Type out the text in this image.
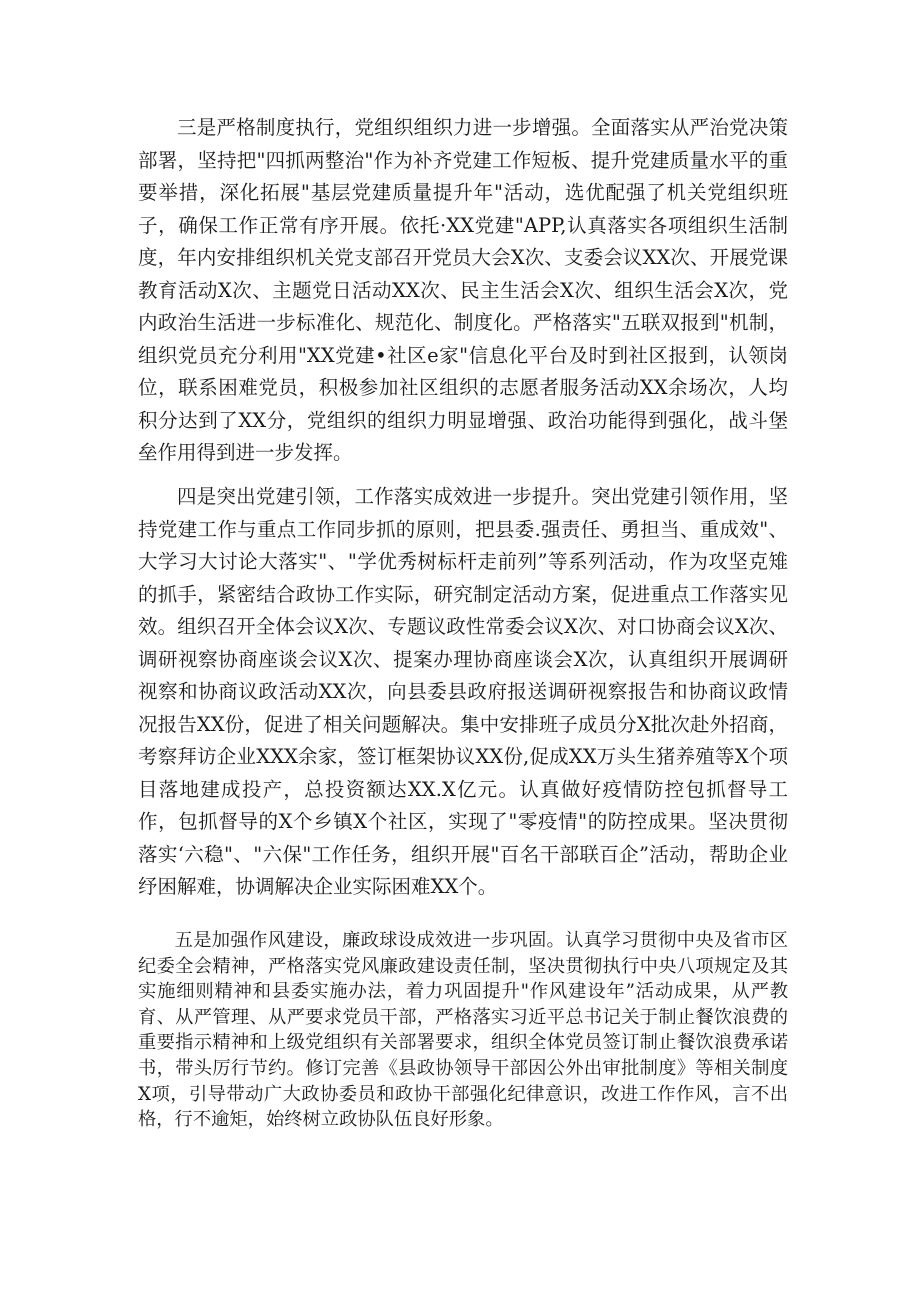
三是严格制度执行，党组织组织力进一步增强。全面落实从严治党决策部署，坚持把"四抓两整治"作为补齐党建工作短板、提升党建质量水平的重要举措，深化拓展"基层党建质量提升年"活动，选优配强了机关党组织班子，确保工作正常有序开展。依托·XX党建"APP,认真落实各项组织生活制度，年内安排组织机关党支部召开党员大会X次、支委会议XX次、开展党课教育活动X次、主题党日活动XX次、民主生活会X次、组织生活会X次，党内政治生活进一步标准化、规范化、制度化。严格落实"五联双报到"机制，组织党员充分利用"XX党建•社区e家"信息化平台及时到社区报到，认领岗位，联系困难党员，积极参加社区组织的志愿者服务活动XX余场次，人均积分达到了XX分，党组织的组织力明显增强、政治功能得到强化，战斗堡垒作用得到进一步发挥。

四是突出党建引领，工作落实成效进一步提升。突出党建引领作用，坚持党建工作与重点工作同步抓的原则，把县委.强责任、勇担当、重成效"、大学习大讨论大落实"、"学优秀树标杆走前列”等系列活动，作为攻坚克雉的抓手，紧密结合政协工作实际，研究制定活动方案，促进重点工作落实见效。组织召开全体会议X次、专题议政性常委会议X次、对口协商会议X次、调研视察协商座谈会议X次、提案办理协商座谈会X次，认真组织开展调研视察和协商议政活动XX次，向县委县政府报送调研视察报告和协商议政情况报告XX份，促进了相关问题解决。集中安排班子成员分X批次赴外招商，考察拜访企业XXX余家，签订框架协议XX份,促成XX万头生猪养殖等X个项目落地建成投产，总投资额达XX.X亿元。认真做好疫情防控包抓督导工作，包抓督导的X个乡镇X个社区，实现了"零疫情"的防控成果。坚决贯彻落实‘六稳"、"六保"工作任务，组织开展"百名干部联百企”活动，帮助企业纾困解难，协调解决企业实际困难XX个。

五是加强作风建设，廉政球设成效进一步巩固。认真学习贯彻中央及省市区纪委全会精神，严格落实党风廉政建设责任制，坚决贯彻执行中央八项规定及其实施细则精神和县委实施办法，着力巩固提升"作风建设年”活动成果，从严教育、从严管理、从严要求党员干部，严格落实习近平总书记关于制止餐饮浪费的重要指示精神和上级党组织有关部署要求，组织全体党员签订制止餐饮浪费承诺书，带头厉行节约。修订完善《县政协领导干部因公外出审批制度》等相关制度X项，引导带动广大政协委员和政协干部强化纪律意识，改进工作作风，言不出格，行不逾矩，始终树立政协队伍良好形象。
